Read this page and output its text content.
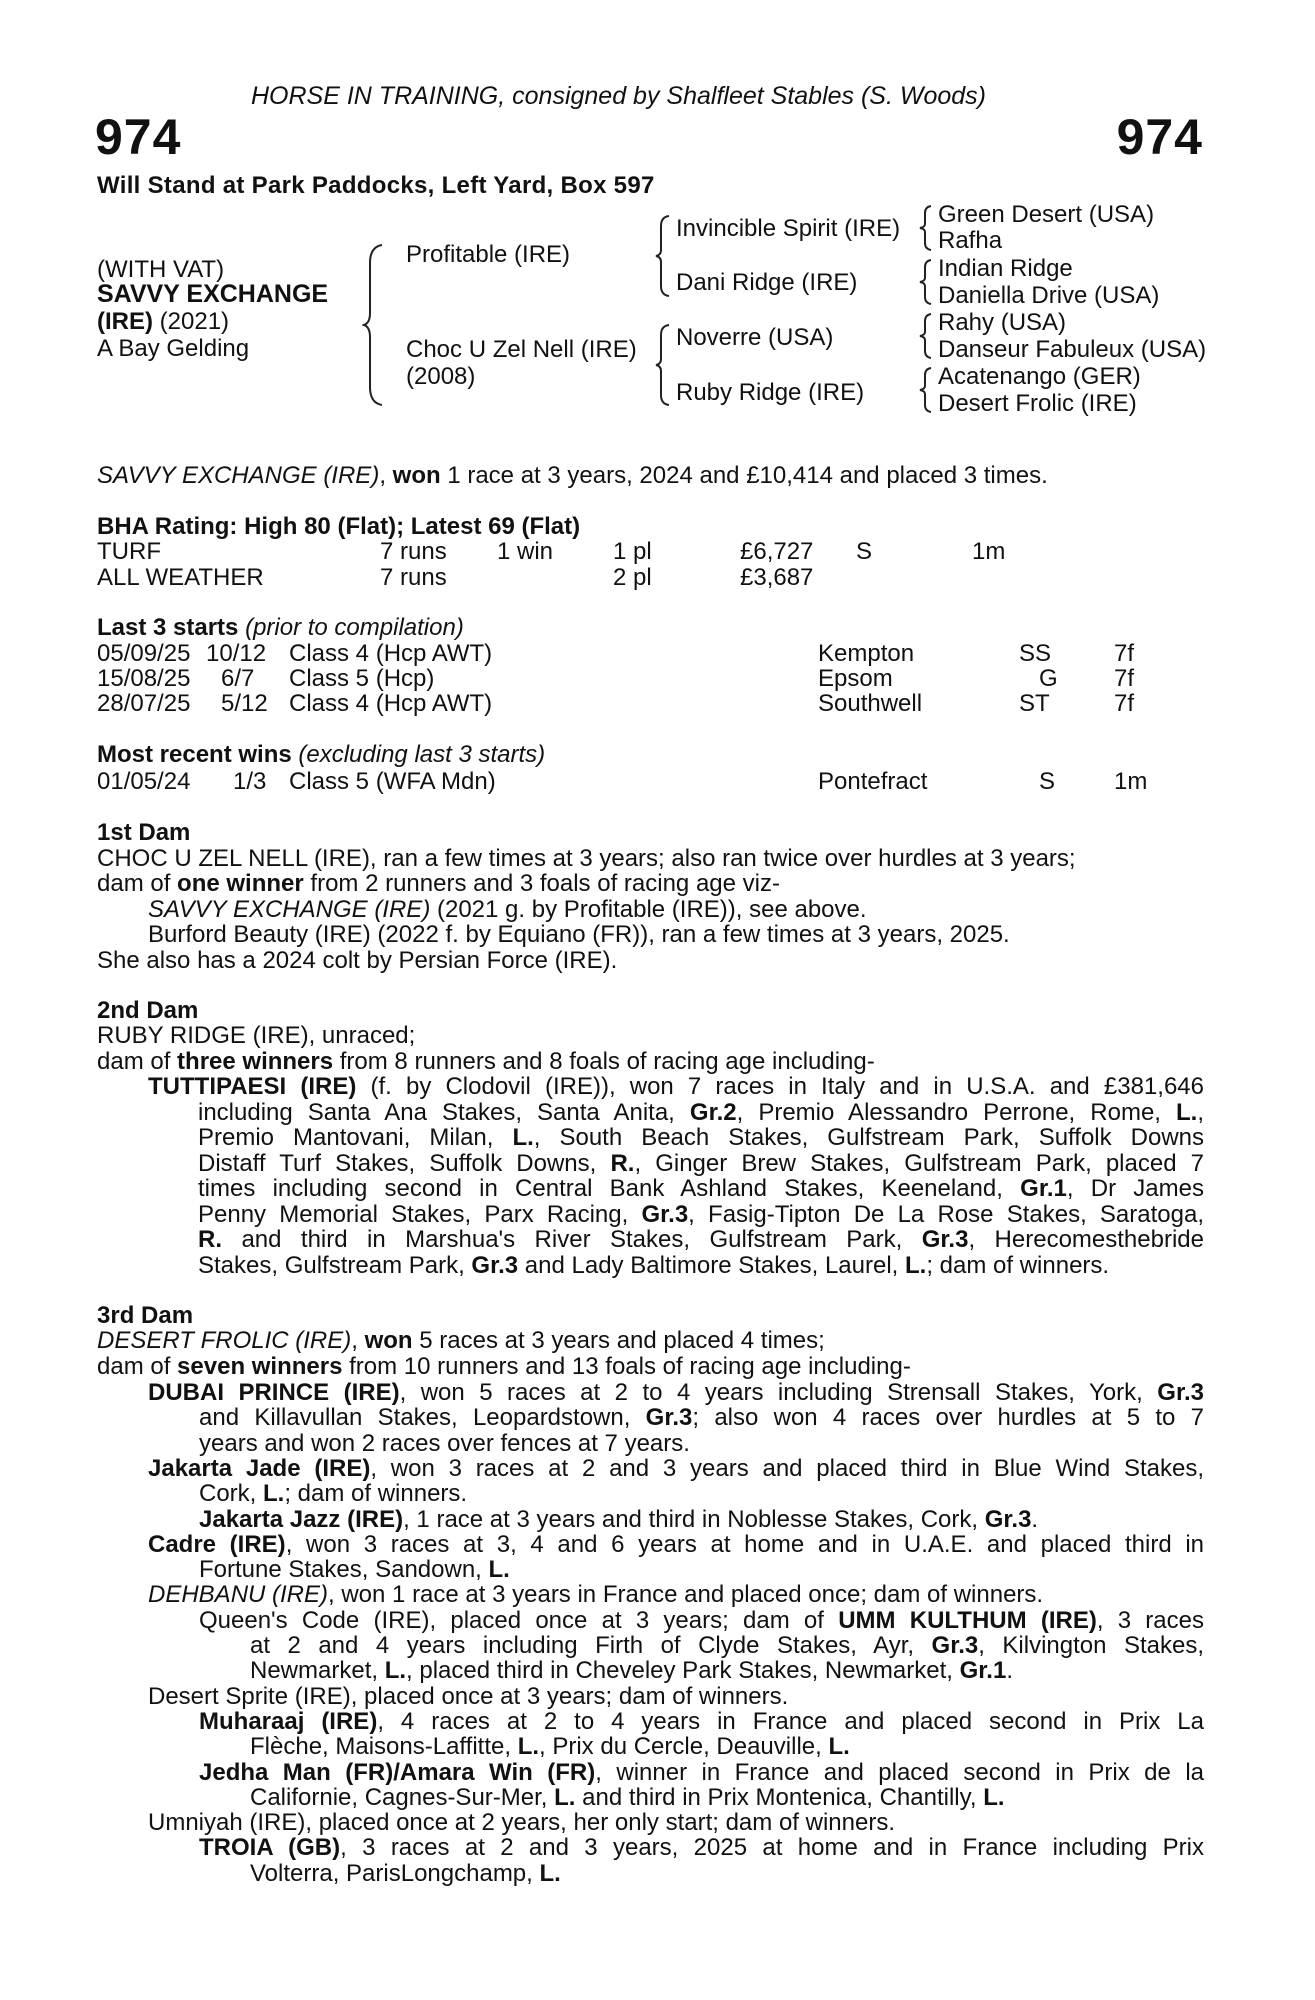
HORSE IN TRAINING, consigned by Shalfleet Stables (S. Woods)
974	974
Will Stand at Park Paddocks, Left Yard, Box 597
(WITH VAT)
SAVVY EXCHANGE
(IRE) (2021)
A Bay Gelding
Profitable (IRE)
Choc U Zel Nell (IRE)
(2008)
Invincible Spirit (IRE)
Dani Ridge (IRE)
Noverre (USA)
Ruby Ridge (IRE)
Green Desert (USA)
Rafha
Indian Ridge
Daniella Drive (USA)
Rahy (USA)
Danseur Fabuleux (USA)
Acatenango (GER)
Desert Frolic (IRE)
SAVVY EXCHANGE (IRE), won 1 race at 3 years, 2024 and £10,414 and placed 3 times.
BHA Rating: High 80 (Flat); Latest 69 (Flat)
TURF	7 runs 1 win 1 pl	£6,727 S	1m
ALL WEATHER	7 runs	2 pl	£3,687
Last 3 starts (prior to compilation)
05/09/25 10/12 Class 4 (Hcp AWT)	Kempton	SS	7f
15/08/25 6/7 Class 5 (Hcp)	Epsom	G 7f
28/07/25 5/12 Class 4 (Hcp AWT)	Southwell	ST	7f
Most recent wins (excluding last 3 starts)
01/05/24 1/3 Class 5 (WFA Mdn)	Pontefract	S 1m
1st Dam
CHOC U ZEL NELL (IRE), ran a few times at 3 years; also ran twice over hurdles at 3 years;
dam of one winner from 2 runners and 3 foals of racing age viz-
SAVVY EXCHANGE (IRE) (2021 g. by Profitable (IRE)), see above.
Burford Beauty (IRE) (2022 f. by Equiano (FR)), ran a few times at 3 years, 2025.
She also has a 2024 colt by Persian Force (IRE).
2nd Dam
RUBY RIDGE (IRE), unraced;
dam of three winners from 8 runners and 8 foals of racing age including-
TUTTIPAESI (IRE) (f. by Clodovil (IRE)), won 7 races in Italy and in U.S.A. and £381,646
including Santa Ana Stakes, Santa Anita, Gr.2, Premio Alessandro Perrone, Rome, L.,
Premio Mantovani, Milan, L., South Beach Stakes, Gulfstream Park, Suffolk Downs
Distaff Turf Stakes, Suffolk Downs, R., Ginger Brew Stakes, Gulfstream Park, placed 7
times including second in Central Bank Ashland Stakes, Keeneland, Gr.1, Dr James
Penny Memorial Stakes, Parx Racing, Gr.3, Fasig-Tipton De La Rose Stakes, Saratoga,
R. and third in Marshua's River Stakes, Gulfstream Park, Gr.3, Herecomesthebride
Stakes, Gulfstream Park, Gr.3 and Lady Baltimore Stakes, Laurel, L.; dam of winners.
3rd Dam
DESERT FROLIC (IRE), won 5 races at 3 years and placed 4 times;
dam of seven winners from 10 runners and 13 foals of racing age including-
DUBAI PRINCE (IRE), won 5 races at 2 to 4 years including Strensall Stakes, York, Gr.3
and Killavullan Stakes, Leopardstown, Gr.3; also won 4 races over hurdles at 5 to 7
years and won 2 races over fences at 7 years.
Jakarta Jade (IRE), won 3 races at 2 and 3 years and placed third in Blue Wind Stakes,
Cork, L.; dam of winners.
Jakarta Jazz (IRE), 1 race at 3 years and third in Noblesse Stakes, Cork, Gr.3.
Cadre (IRE), won 3 races at 3, 4 and 6 years at home and in U.A.E. and placed third in
Fortune Stakes, Sandown, L.
DEHBANU (IRE), won 1 race at 3 years in France and placed once; dam of winners.
Queen's Code (IRE), placed once at 3 years; dam of UMM KULTHUM (IRE), 3 races
at 2 and 4 years including Firth of Clyde Stakes, Ayr, Gr.3, Kilvington Stakes,
Newmarket, L., placed third in Cheveley Park Stakes, Newmarket, Gr.1.
Desert Sprite (IRE), placed once at 3 years; dam of winners.
Muharaaj (IRE), 4 races at 2 to 4 years in France and placed second in Prix La
Flèche, Maisons-Laffitte, L., Prix du Cercle, Deauville, L.
Jedha Man (FR)/Amara Win (FR), winner in France and placed second in Prix de la
Californie, Cagnes-Sur-Mer, L. and third in Prix Montenica, Chantilly, L.
Umniyah (IRE), placed once at 2 years, her only start; dam of winners.
TROIA (GB), 3 races at 2 and 3 years, 2025 at home and in France including Prix
Volterra, ParisLongchamp, L.
